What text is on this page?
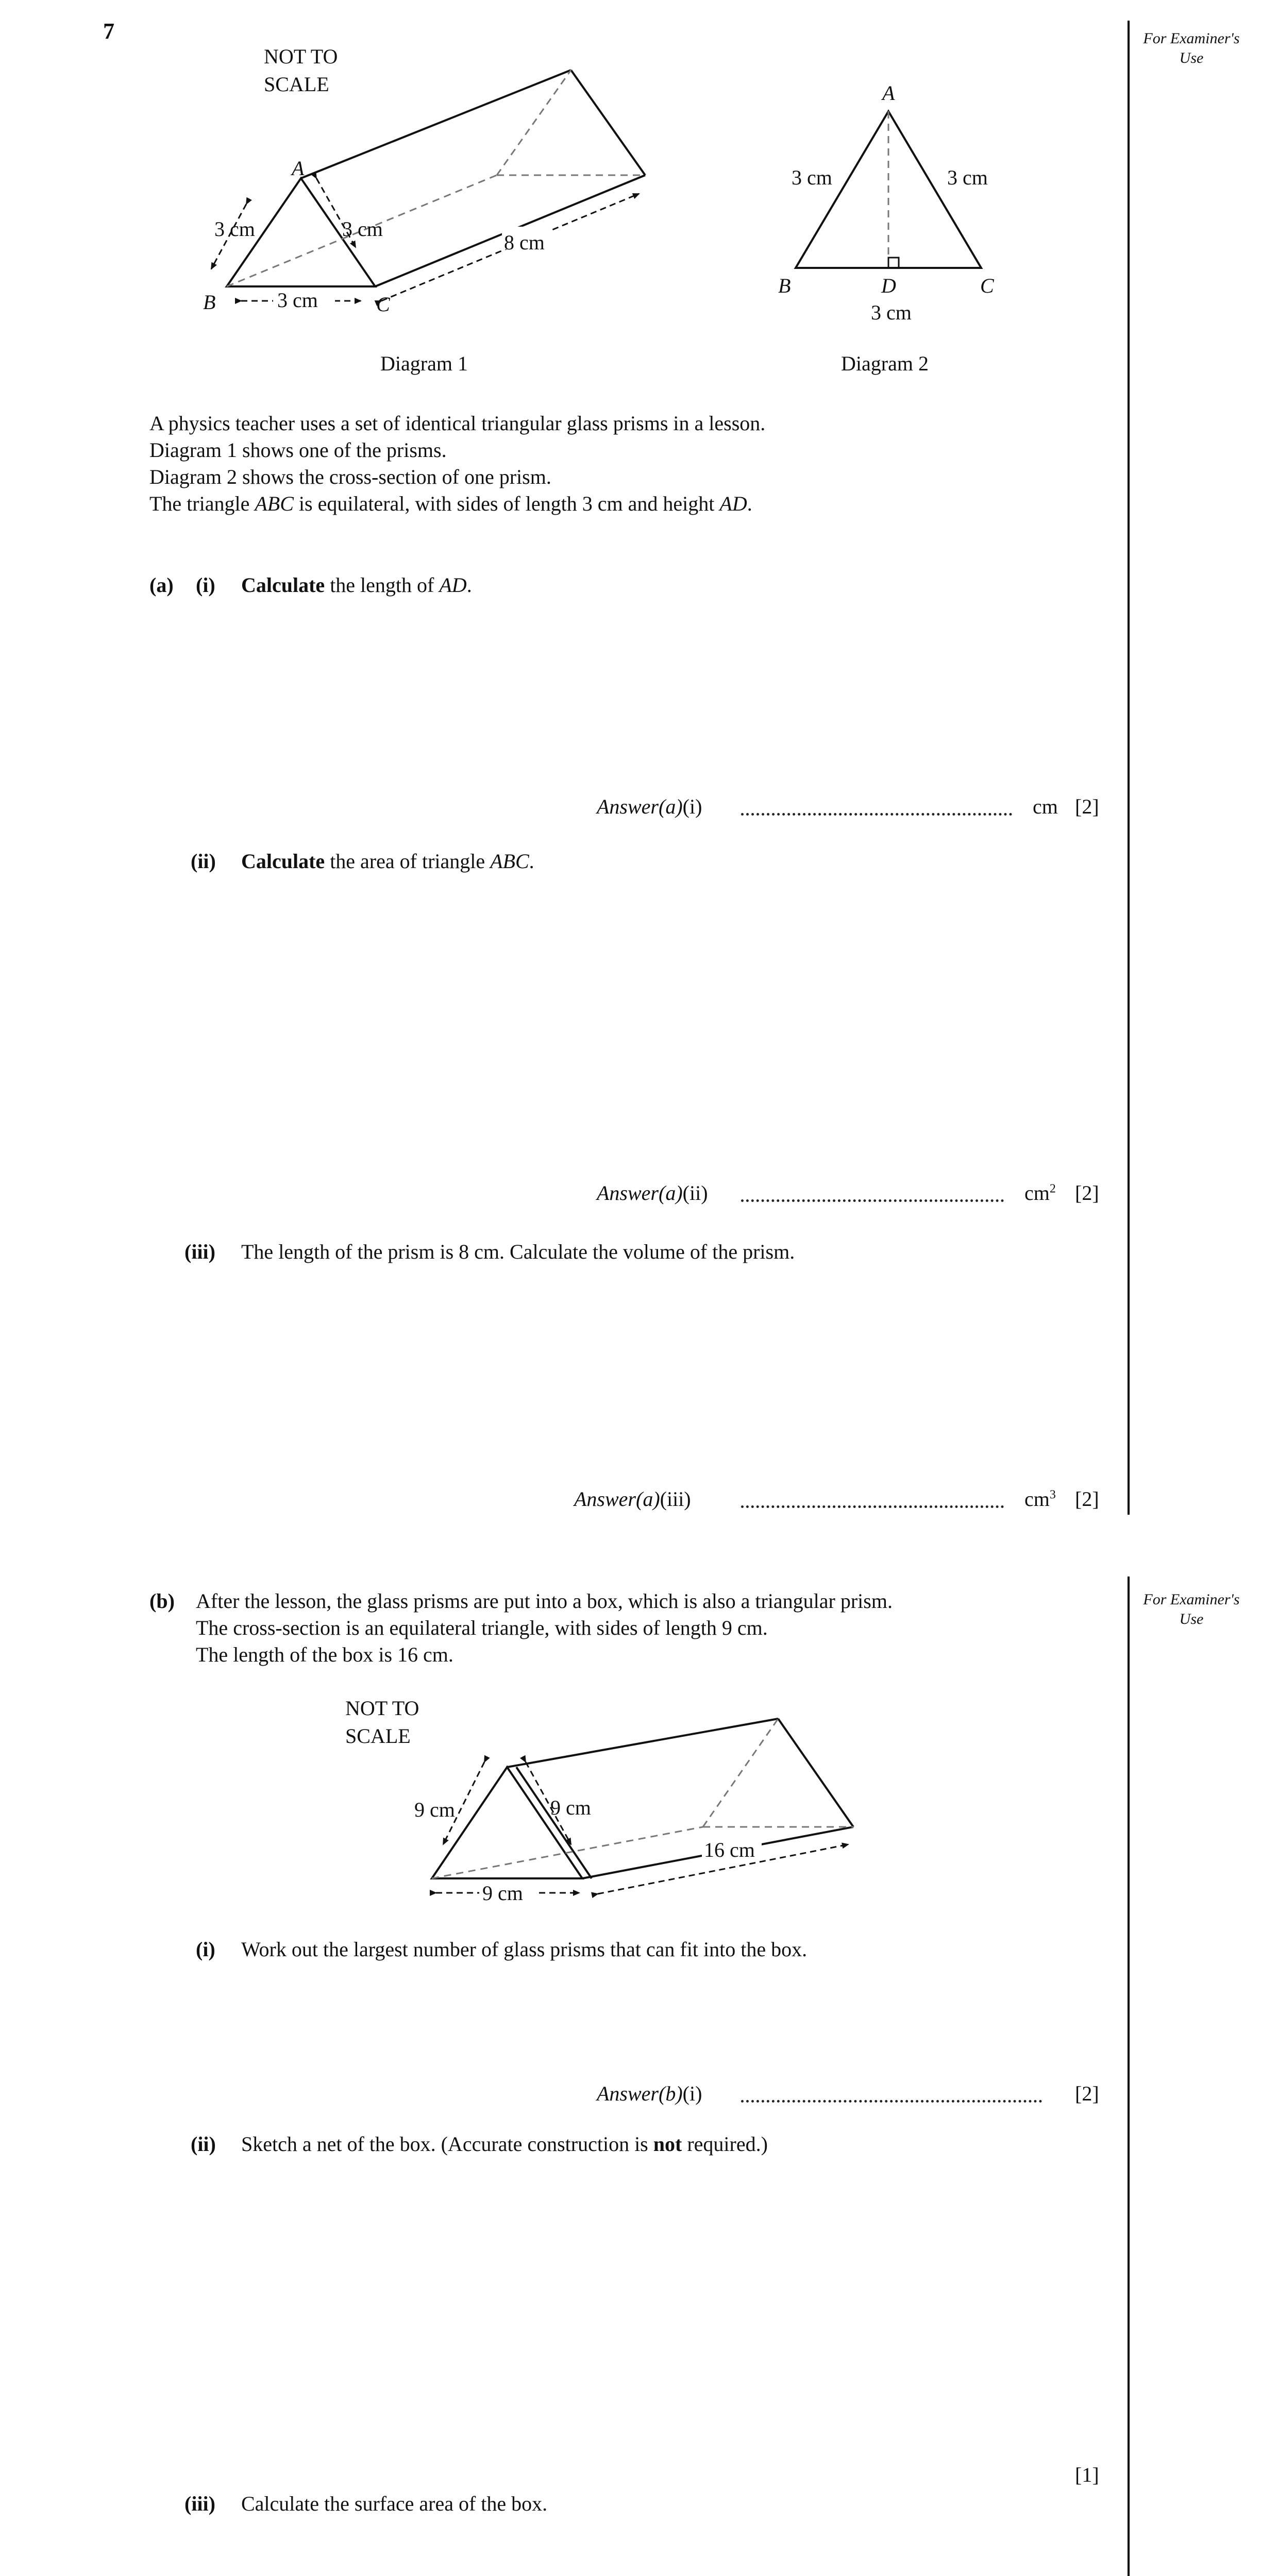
7	For Examiner's Use
For Examiner's Use
NOT TO
SCALE
A
B	C
3 cm	3 cm
3 cm
8 cm
Diagram 1
A
B	C
D
3 cm	3 cm
3 cm
Diagram 2
A physics teacher uses a set of identical triangular glass prisms in a lesson.
Diagram 1 shows one of the prisms.
Diagram 2 shows the cross-section of one prism.
The triangle ABC is equilateral, with sides of length 3 cm and height AD.
(a) (i) Calculate the length of AD.
Answer(a)(i)	cm [2]
(ii) Calculate the area of triangle ABC.
Answer(a)(ii)	$cm^2$ [2]
(iii) The length of the prism is 8 cm. Calculate the volume of the prism.
Answer(a)(iii)	$cm^3$ [2]
(b) After the lesson, the glass prisms are put into a box, which is also a triangular prism.
The cross-section is an equilateral triangle, with sides of length 9 cm.
The length of the box is 16 cm.
NOT TO
SCALE
9 cm	9 cm
9 cm
16 cm
(i) Work out the largest number of glass prisms that can fit into the box.
Answer(b)(i)	[2]
(ii) Sketch a net of the box. (Accurate construction is not required.)
[1]
(iii) Calculate the surface area of the box.
